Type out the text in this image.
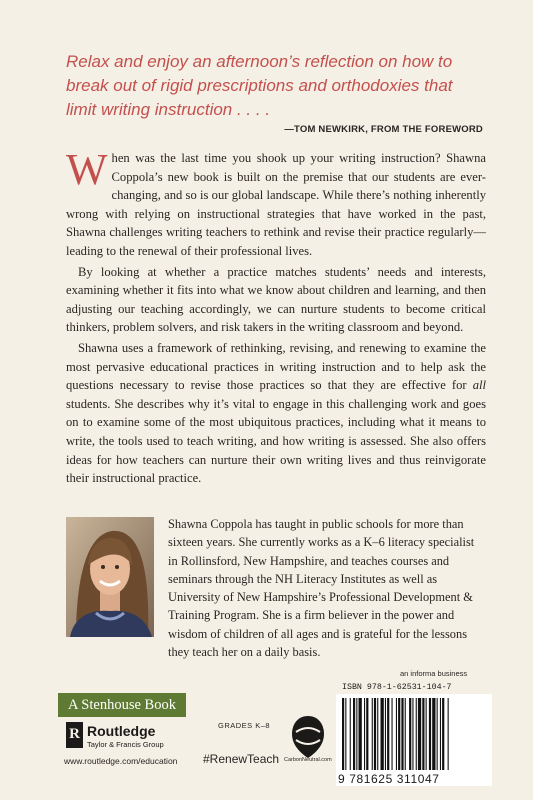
Relax and enjoy an afternoon’s reflection on how to break out of rigid prescriptions and orthodoxies that limit writing instruction . . . .

—TOM NEWKIRK, FROM THE FOREWORD

When was the last time you shook up your writing instruction? Shawna Coppola’s new book is built on the premise that our students are ever-changing, and so is our global landscape. While there’s nothing inherently wrong with relying on instructional strategies that have worked in the past, Shawna challenges writing teachers to rethink and revise their practice regularly—leading to the renewal of their professional lives.

By looking at whether a practice matches students’ needs and interests, examining whether it fits into what we know about children and learning, and then adjusting our teaching accordingly, we can nurture students to become critical thinkers, problem solvers, and risk takers in the writing classroom and beyond.

Shawna uses a framework of rethinking, revising, and renewing to examine the most pervasive educational practices in writing instruction and to help ask the questions necessary to revise those practices so that they are effective for all students. She describes why it’s vital to engage in this challenging work and goes on to examine some of the most ubiquitous practices, including what it means to write, the tools used to teach writing, and how writing is assessed. She also offers ideas for how teachers can nurture their own writing lives and thus reinvigorate their instructional practice.

Shawna Coppola has taught in public schools for more than sixteen years. She currently works as a K–6 literacy specialist in Rollinsford, New Hampshire, and teaches courses and seminars through the NH Literacy Institutes as well as University of New Hampshire’s Professional Development & Training Program. She is a firm believer in the power and wisdom of children of all ages and is grateful for the lessons they teach her on a daily basis.

an informa business
A Stenhouse Book
R Routledge
Taylor & Francis Group
www.routledge.com/education
GRADES K–8
#RenewTeach CarbonNeutral.com
ISBN 978-1-62531-104-7
9 781625 311047
